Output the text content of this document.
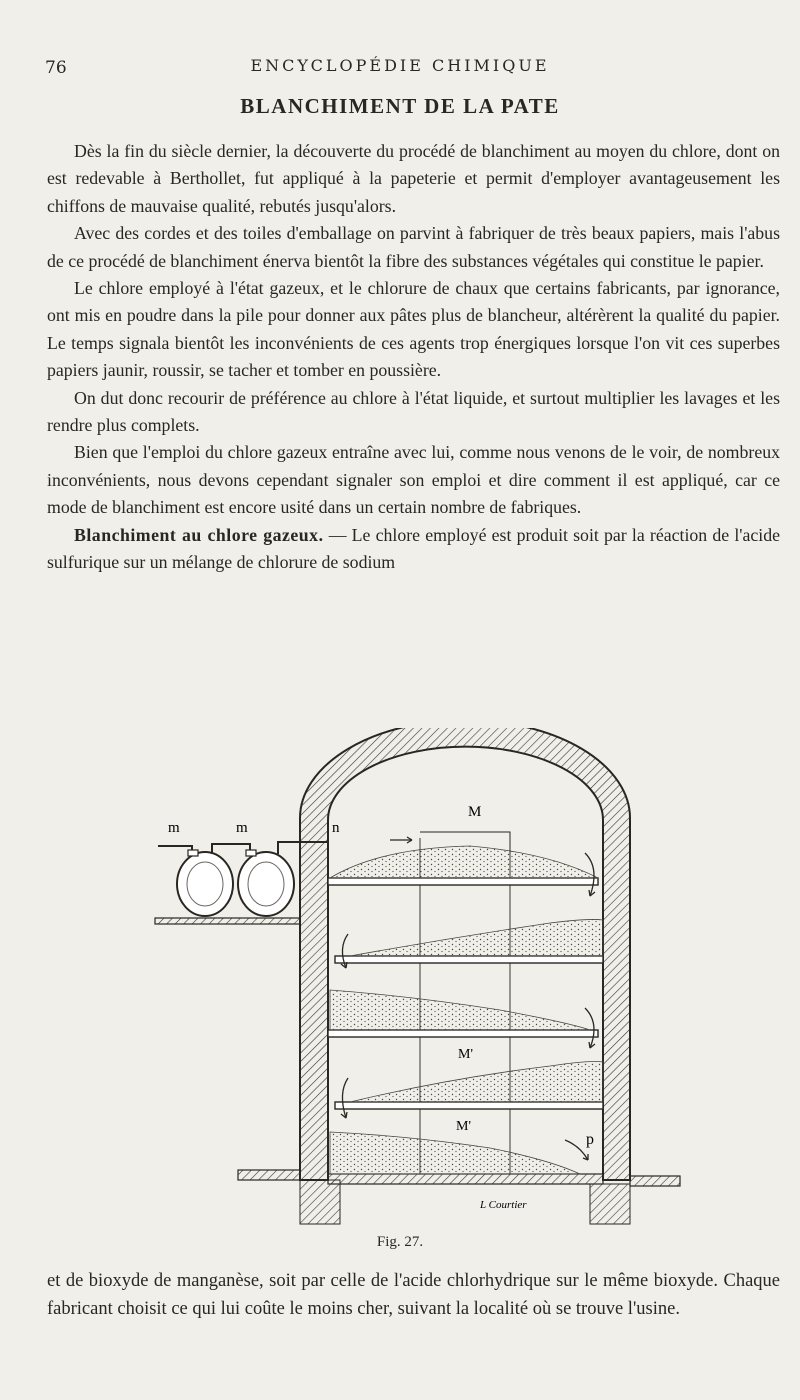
76	ENCYCLOPÉDIE CHIMIQUE
BLANCHIMENT DE LA PATE

Dès la fin du siècle dernier, la découverte du procédé de blanchiment au moyen du chlore, dont on est redevable à Berthollet, fut appliqué à la papeterie et permit d'employer avantageusement les chiffons de mauvaise qualité, rebutés jusqu'alors.

Avec des cordes et des toiles d'emballage on parvint à fabriquer de très beaux papiers, mais l'abus de ce procédé de blanchiment énerva bientôt la fibre des substances végétales qui constitue le papier.

Le chlore employé à l'état gazeux, et le chlorure de chaux que certains fabricants, par ignorance, ont mis en poudre dans la pile pour donner aux pâtes plus de blancheur, altérèrent la qualité du papier. Le temps signala bientôt les inconvénients de ces agents trop énergiques lorsque l'on vit ces superbes papiers jaunir, roussir, se tacher et tomber en poussière.

On dut donc recourir de préférence au chlore à l'état liquide, et surtout multiplier les lavages et les rendre plus complets.

Bien que l'emploi du chlore gazeux entraîne avec lui, comme nous venons de le voir, de nombreux inconvénients, nous devons cependant signaler son emploi et dire comment il est appliqué, car ce mode de blanchiment est encore usité dans un certain nombre de fabriques.

Blanchiment au chlore gazeux. — Le chlore employé est produit soit par la réaction de l'acide sulfurique sur un mélange de chlorure de sodium

m	m	n
M
M'
M'
p
L Courtier
Fig. 27.

et de bioxyde de manganèse, soit par celle de l'acide chlorhydrique sur le même bioxyde. Chaque fabricant choisit ce qui lui coûte le moins cher, suivant la localité où se trouve l'usine.
